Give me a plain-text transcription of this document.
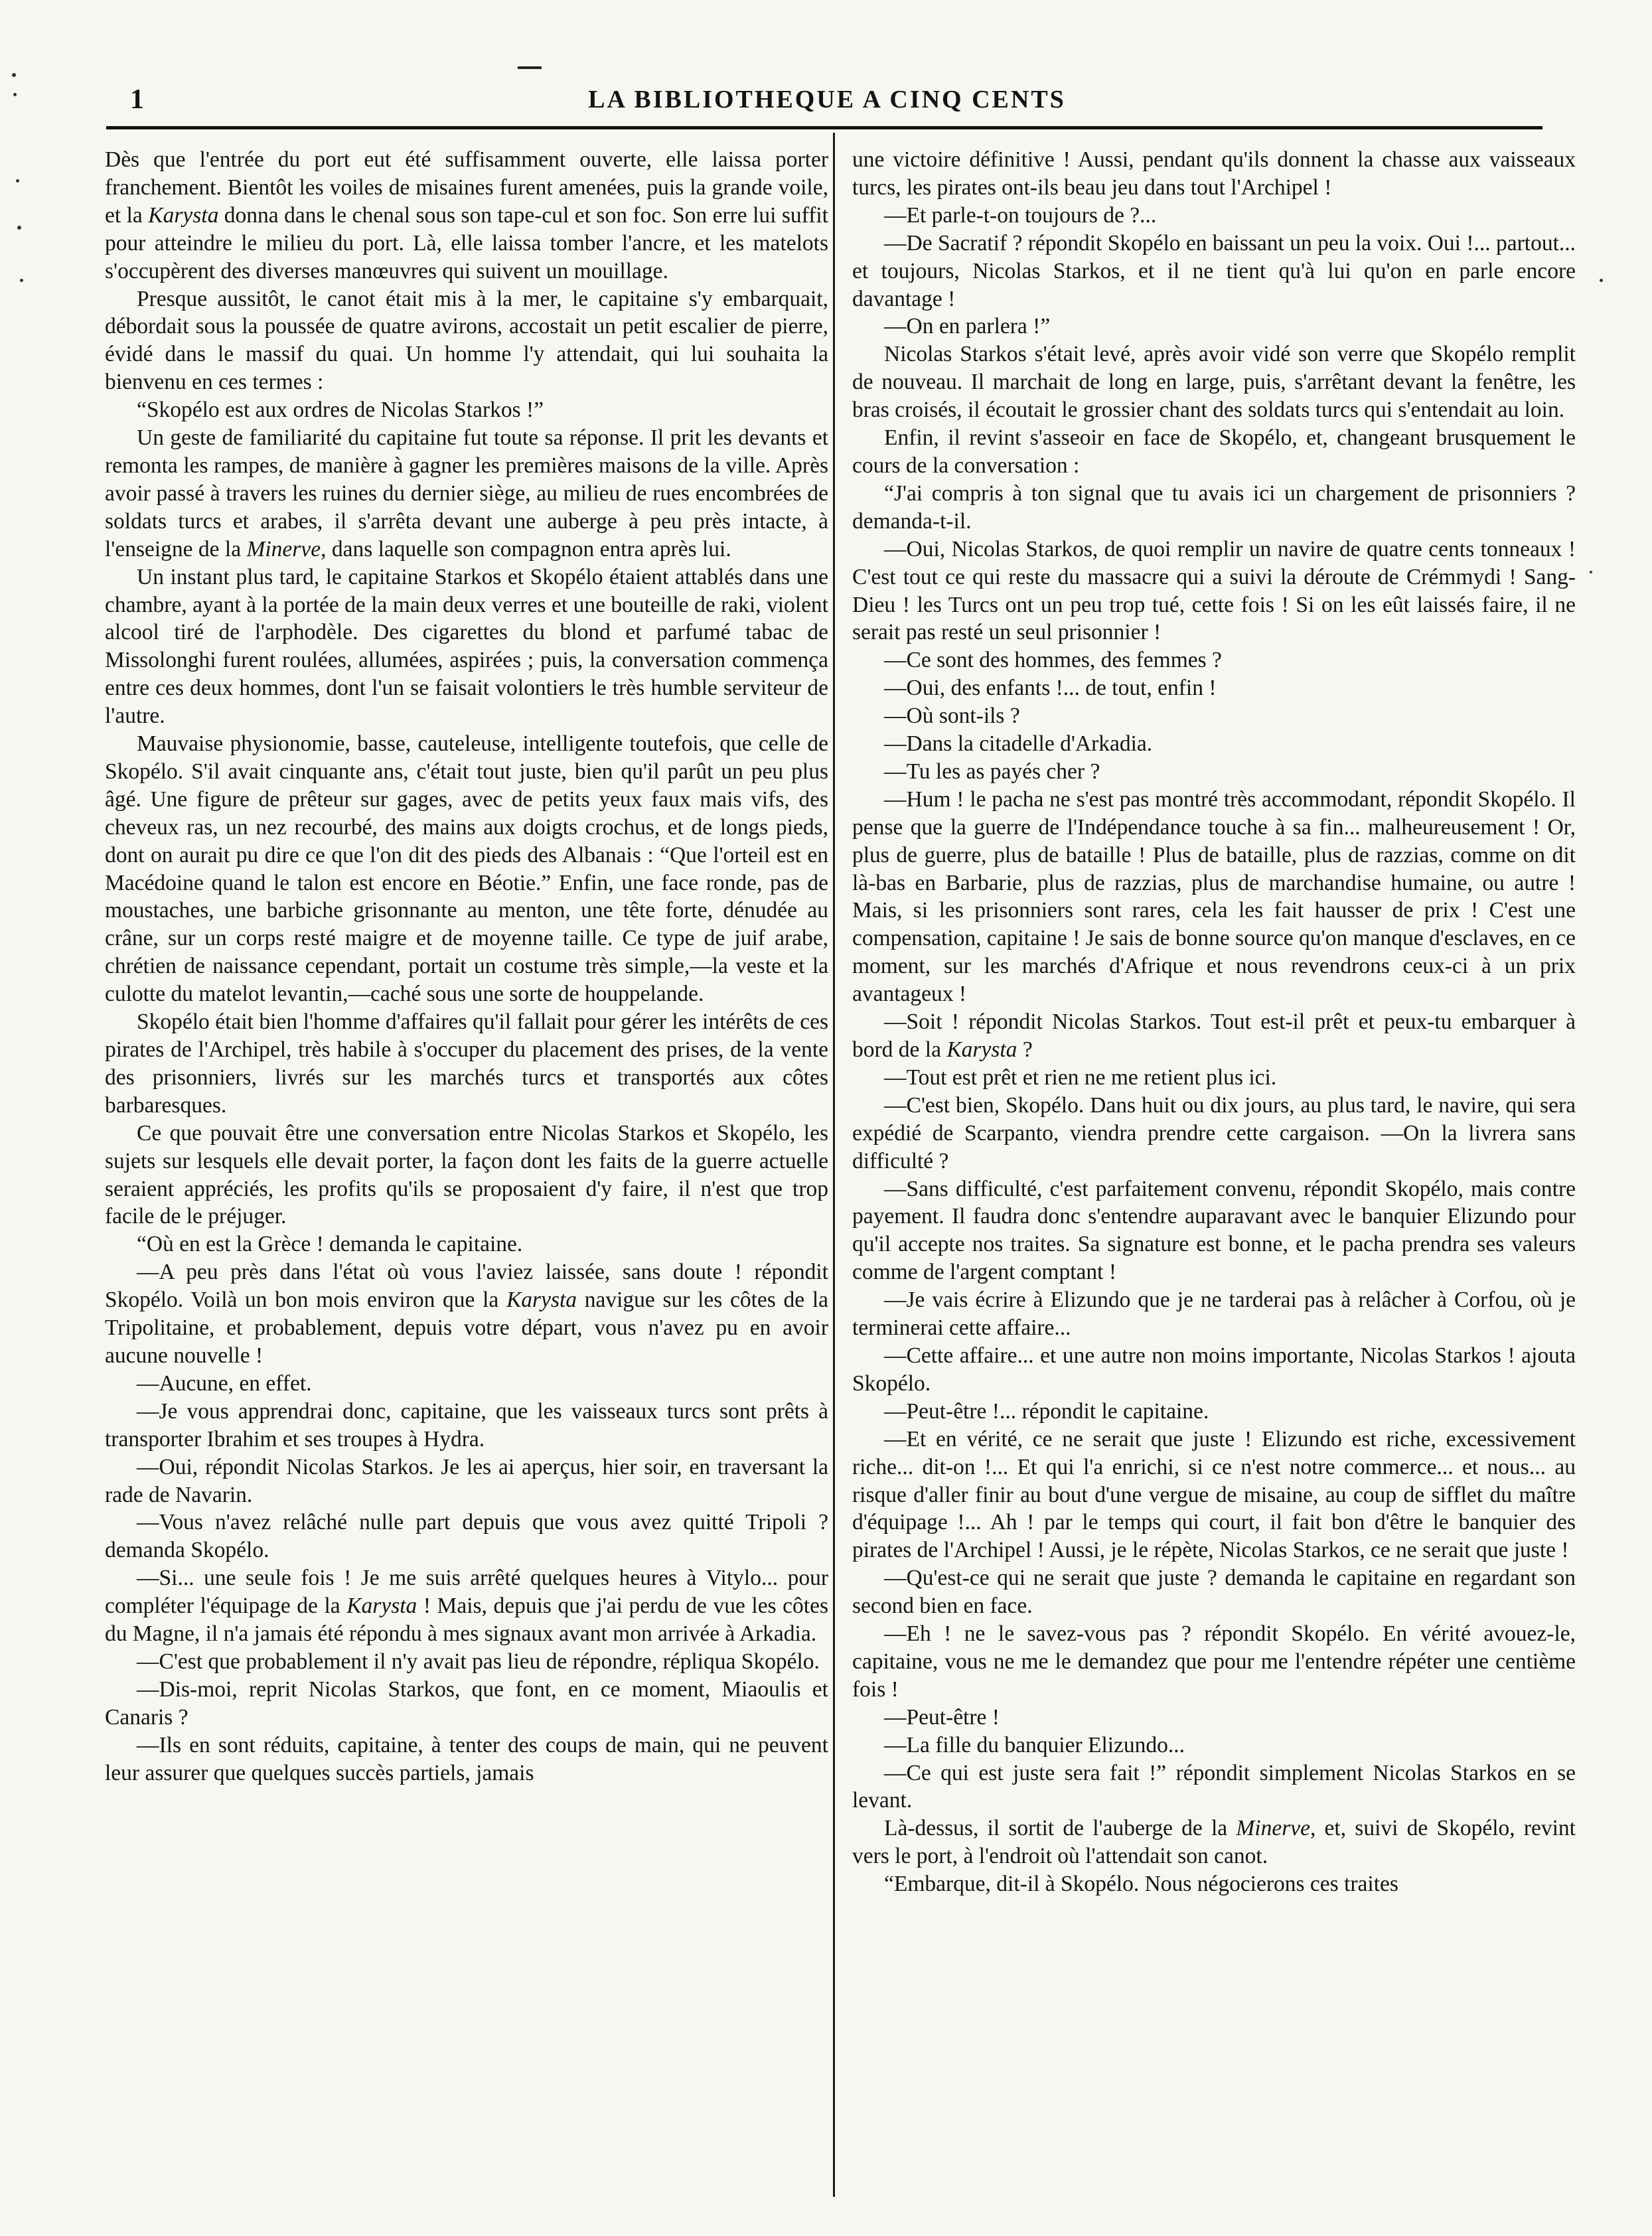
1	LA BIBLIOTHEQUE A CINQ CENTS

Dès que l'entrée du port eut été suffisamment ouverte, elle laissa porter franchement. Bientôt les voiles de misaines furent amenées, puis la grande voile, et la Karysta donna dans le chenal sous son tape-cul et son foc. Son erre lui suffit pour atteindre le milieu du port. Là, elle laissa tomber l'ancre, et les matelots s'occupèrent des diverses manœuvres qui suivent un mouillage.

Presque aussitôt, le canot était mis à la mer, le capitaine s'y embarquait, débordait sous la poussée de quatre avirons, accostait un petit escalier de pierre, évidé dans le massif du quai. Un homme l'y attendait, qui lui souhaita la bienvenu en ces termes :

“Skopélo est aux ordres de Nicolas Starkos !”

Un geste de familiarité du capitaine fut toute sa réponse. Il prit les devants et remonta les rampes, de manière à gagner les premières maisons de la ville. Après avoir passé à travers les ruines du dernier siège, au milieu de rues encombrées de soldats turcs et arabes, il s'arrêta devant une auberge à peu près intacte, à l'enseigne de la Minerve, dans laquelle son compagnon entra après lui.

Un instant plus tard, le capitaine Starkos et Skopélo étaient attablés dans une chambre, ayant à la portée de la main deux verres et une bouteille de raki, violent alcool tiré de l'arphodèle. Des cigarettes du blond et parfumé tabac de Missolonghi furent roulées, allumées, aspirées ; puis, la conversation commença entre ces deux hommes, dont l'un se faisait volontiers le très humble serviteur de l'autre.

Mauvaise physionomie, basse, cauteleuse, intelligente toutefois, que celle de Skopélo. S'il avait cinquante ans, c'était tout juste, bien qu'il parût un peu plus âgé. Une figure de prêteur sur gages, avec de petits yeux faux mais vifs, des cheveux ras, un nez recourbé, des mains aux doigts crochus, et de longs pieds, dont on aurait pu dire ce que l'on dit des pieds des Albanais : “Que l'orteil est en Macédoine quand le talon est encore en Béotie.” Enfin, une face ronde, pas de moustaches, une barbiche grisonnante au menton, une tête forte, dénudée au crâne, sur un corps resté maigre et de moyenne taille. Ce type de juif arabe, chrétien de naissance cependant, portait un costume très simple,—la veste et la culotte du matelot levantin,—caché sous une sorte de houppelande.

Skopélo était bien l'homme d'affaires qu'il fallait pour gérer les intérêts de ces pirates de l'Archipel, très habile à s'occuper du placement des prises, de la vente des prisonniers, livrés sur les marchés turcs et transportés aux côtes barbaresques.

Ce que pouvait être une conversation entre Nicolas Starkos et Skopélo, les sujets sur lesquels elle devait porter, la façon dont les faits de la guerre actuelle seraient appréciés, les profits qu'ils se proposaient d'y faire, il n'est que trop facile de le préjuger.

“Où en est la Grèce ! demanda le capitaine.

—A peu près dans l'état où vous l'aviez laissée, sans doute ! répondit Skopélo. Voilà un bon mois environ que la Karysta navigue sur les côtes de la Tripolitaine, et probablement, depuis votre départ, vous n'avez pu en avoir aucune nouvelle !

—Aucune, en effet.

—Je vous apprendrai donc, capitaine, que les vaisseaux turcs sont prêts à transporter Ibrahim et ses troupes à Hydra.

—Oui, répondit Nicolas Starkos. Je les ai aperçus, hier soir, en traversant la rade de Navarin.

—Vous n'avez relâché nulle part depuis que vous avez quitté Tripoli ? demanda Skopélo.

—Si... une seule fois ! Je me suis arrêté quelques heures à Vitylo... pour compléter l'équipage de la Karysta ! Mais, depuis que j'ai perdu de vue les côtes du Magne, il n'a jamais été répondu à mes signaux avant mon arrivée à Arkadia.

—C'est que probablement il n'y avait pas lieu de répondre, répliqua Skopélo.

—Dis-moi, reprit Nicolas Starkos, que font, en ce moment, Miaoulis et Canaris ?

—Ils en sont réduits, capitaine, à tenter des coups de main, qui ne peuvent leur assurer que quelques succès partiels, jamais

une victoire définitive ! Aussi, pendant qu'ils donnent la chasse aux vaisseaux turcs, les pirates ont-ils beau jeu dans tout l'Archipel !

—Et parle-t-on toujours de ?...

—De Sacratif ? répondit Skopélo en baissant un peu la voix. Oui !... partout... et toujours, Nicolas Starkos, et il ne tient qu'à lui qu'on en parle encore davantage !

—On en parlera !”

Nicolas Starkos s'était levé, après avoir vidé son verre que Skopélo remplit de nouveau. Il marchait de long en large, puis, s'arrêtant devant la fenêtre, les bras croisés, il écoutait le grossier chant des soldats turcs qui s'entendait au loin.

Enfin, il revint s'asseoir en face de Skopélo, et, changeant brusquement le cours de la conversation :

“J'ai compris à ton signal que tu avais ici un chargement de prisonniers ? demanda-t-il.

—Oui, Nicolas Starkos, de quoi remplir un navire de quatre cents tonneaux ! C'est tout ce qui reste du massacre qui a suivi la déroute de Crémmydi ! Sang-Dieu ! les Turcs ont un peu trop tué, cette fois ! Si on les eût laissés faire, il ne serait pas resté un seul prisonnier !

—Ce sont des hommes, des femmes ?

—Oui, des enfants !... de tout, enfin !

—Où sont-ils ?

—Dans la citadelle d'Arkadia.

—Tu les as payés cher ?

—Hum ! le pacha ne s'est pas montré très accommodant, répondit Skopélo. Il pense que la guerre de l'Indépendance touche à sa fin... malheureusement ! Or, plus de guerre, plus de bataille ! Plus de bataille, plus de razzias, comme on dit là-bas en Barbarie, plus de razzias, plus de marchandise humaine, ou autre ! Mais, si les prisonniers sont rares, cela les fait hausser de prix ! C'est une compensation, capitaine ! Je sais de bonne source qu'on manque d'esclaves, en ce moment, sur les marchés d'Afrique et nous revendrons ceux-ci à un prix avantageux !

—Soit ! répondit Nicolas Starkos. Tout est-il prêt et peux-tu embarquer à bord de la Karysta ?

—Tout est prêt et rien ne me retient plus ici.

—C'est bien, Skopélo. Dans huit ou dix jours, au plus tard, le navire, qui sera expédié de Scarpanto, viendra prendre cette cargaison. —On la livrera sans difficulté ?

—Sans difficulté, c'est parfaitement convenu, répondit Skopélo, mais contre payement. Il faudra donc s'entendre auparavant avec le banquier Elizundo pour qu'il accepte nos traites. Sa signature est bonne, et le pacha prendra ses valeurs comme de l'argent comptant !

—Je vais écrire à Elizundo que je ne tarderai pas à relâcher à Corfou, où je terminerai cette affaire...

—Cette affaire... et une autre non moins importante, Nicolas Starkos ! ajouta Skopélo.

—Peut-être !... répondit le capitaine.

—Et en vérité, ce ne serait que juste ! Elizundo est riche, excessivement riche... dit-on !... Et qui l'a enrichi, si ce n'est notre commerce... et nous... au risque d'aller finir au bout d'une vergue de misaine, au coup de sifflet du maître d'équipage !... Ah ! par le temps qui court, il fait bon d'être le banquier des pirates de l'Archipel ! Aussi, je le répète, Nicolas Starkos, ce ne serait que juste !

—Qu'est-ce qui ne serait que juste ? demanda le capitaine en regardant son second bien en face.

—Eh ! ne le savez-vous pas ? répondit Skopélo. En vérité avouez-le, capitaine, vous ne me le demandez que pour me l'entendre répéter une centième fois !

—Peut-être !

—La fille du banquier Elizundo...

—Ce qui est juste sera fait !” répondit simplement Nicolas Starkos en se levant.

Là-dessus, il sortit de l'auberge de la Minerve, et, suivi de Skopélo, revint vers le port, à l'endroit où l'attendait son canot.

“Embarque, dit-il à Skopélo. Nous négocierons ces traites
